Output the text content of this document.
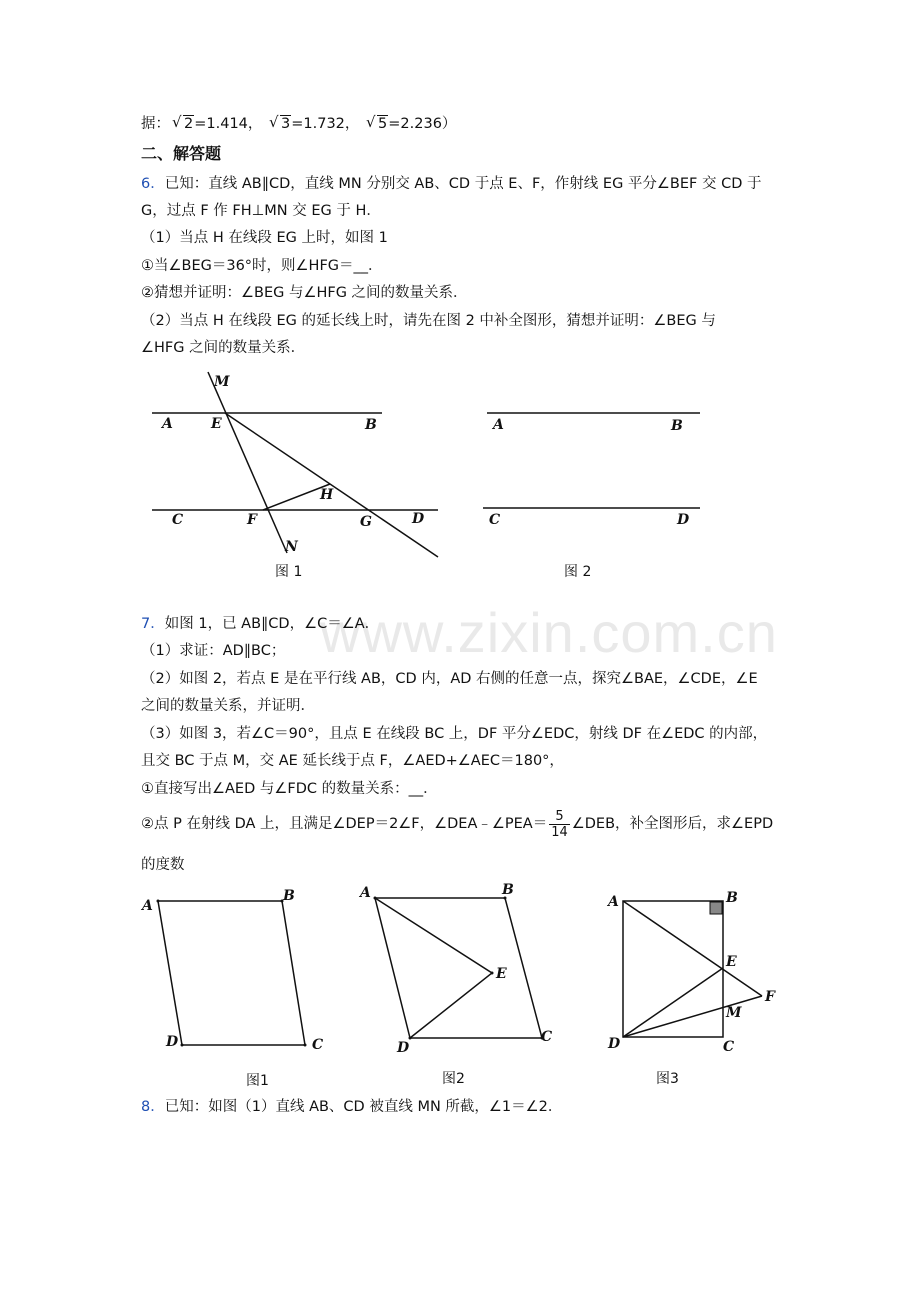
据： √ 2=1.414， √ 3=1.732， √ 5=2.236）
二、解答题
6．已知：直线 AB∥CD，直线 MN 分别交 AB、CD 于点 E、F，作射线 EG 平分∠BEF 交 CD 于
G，过点 F 作 FH⊥MN 交 EG 于 H．
（1）当点 H 在线段 EG 上时，如图 1
①当∠BEG＝36°时，则∠HFG＝__．
②猜想并证明：∠BEG 与∠HFG 之间的数量关系．
（2）当点 H 在线段 EG 的延长线上时，请先在图 2 中补全图形，猜想并证明：∠BEG 与
∠HFG 之间的数量关系．
www.zixin.com.cn
7．如图 1，已 AB∥CD，∠C＝∠A．
（1）求证：AD∥BC；
（2）如图 2，若点 E 是在平行线 AB，CD 内，AD 右侧的任意一点，探究∠BAE，∠CDE，∠E
之间的数量关系，并证明．
（3）如图 3，若∠C＝90°，且点 E 在线段 BC 上，DF 平分∠EDC，射线 DF 在∠EDC 的内部，
且交 BC 于点 M，交 AE 延长线于点 F，∠AED+∠AEC＝180°，
①直接写出∠AED 与∠FDC 的数量关系：__．
②点 P 在射线 DA 上，且满足∠DEP＝2∠F，∠DEA﹣∠PEA＝ $\frac{5}{14}$ ∠DEB，补全图形后，求∠EPD
的度数
8．已知：如图（1）直线 AB、CD 被直线 MN 所截，∠1＝∠2．
M
A	E	B
H
C	F	G	D
N
图 1
A	B
C	D
图 2
A
B
C
D
图1
A	B
C
D
E
图2
A	B
E
F
M
D	C
图3
